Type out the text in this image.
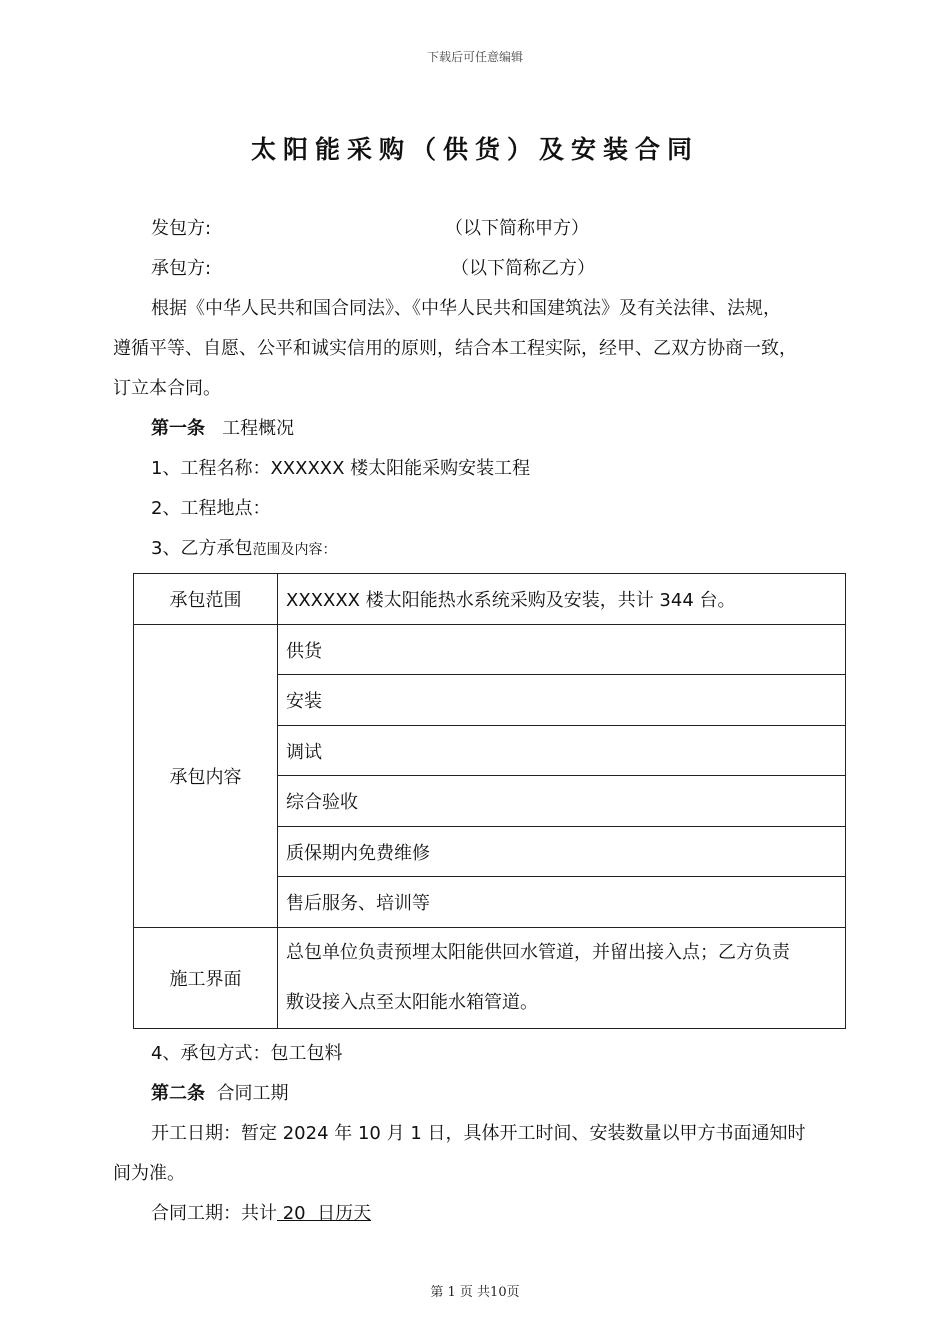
下载后可任意编辑
太阳能采购（供货）及安装合同
发包方:	（以下简称甲方）
承包方:	（以下简称乙方）
根据《中华人民共和国合同法》、《中华人民共和国建筑法》及有关法律、法规，
遵循平等、自愿、公平和诚实信用的原则，结合本工程实际，经甲、乙双方协商一致，
订立本合同。
第一条 工程概况
1、工程名称：XXXXXX 楼太阳能采购安装工程
2、工程地点：
3、乙方承包范围及内容：
承包范围	XXXXXX 楼太阳能热水系统采购及安装，共计 344 台。
承包内容	供货
	安装
	调试
	综合验收
	质保期内免费维修
	售后服务、培训等
施工界面	总包单位负责预埋太阳能供回水管道，并留出接入点；乙方负责
敷设接入点至太阳能水箱管道。
4、承包方式：包工包料
第二条 合同工期
开工日期：暂定 2024 年 10 月 1 日，具体开工时间、安装数量以甲方书面通知时
间为准。
合同工期：共计 20  日历天
第 1 页 共10页
